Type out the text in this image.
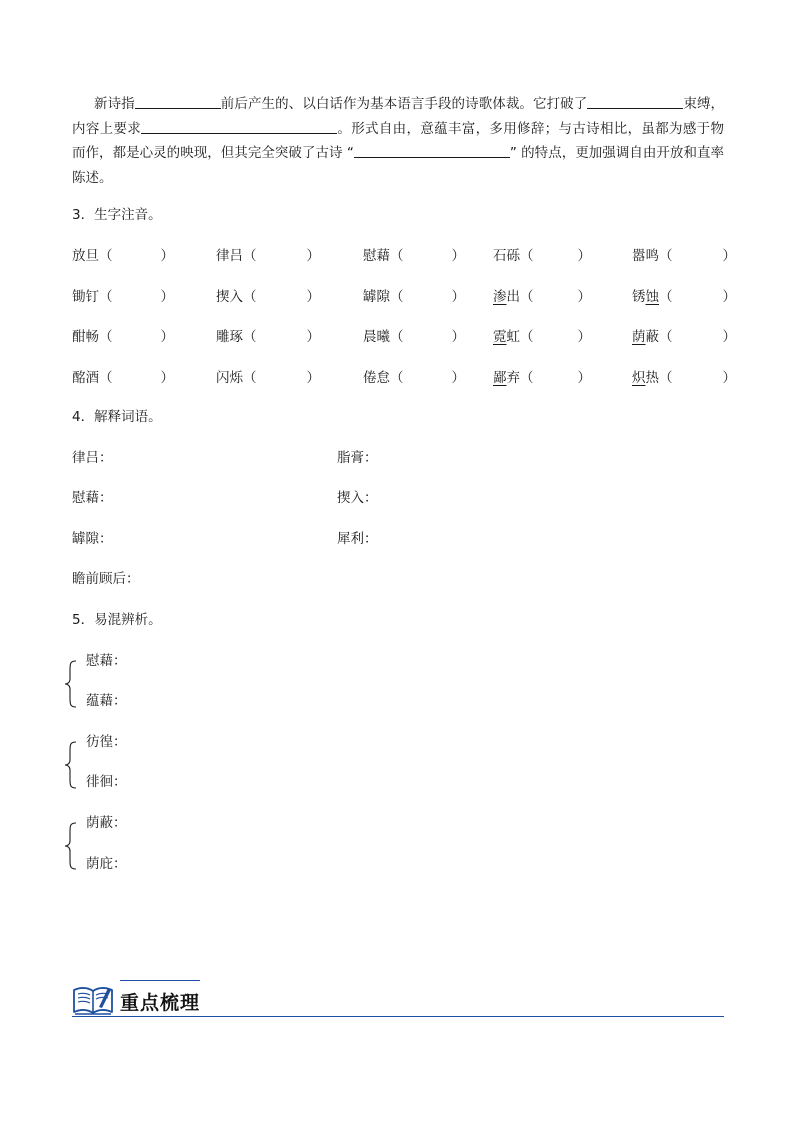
新诗指	前后产生的、以白话作为基本语言手段的诗歌体裁。它打破了	束缚，内容上要求	。形式自由，意蕴丰富，多用修辞；与古诗相比，虽都为感于物而作，都是心灵的映现，但其完全突破了古诗 “	” 的特点，更加强调自由开放和直率陈述。

3．生字注音。

放旦（	）	律吕（	）	慰藉（	） 石砾（	）	嚣鸣（	）
锄钉（	）	揳入（	）	罅隙（	） 渗出（	）	锈蚀（	）
酣畅（	）	雕琢（	）	晨曦（	） 霓虹（	）	荫蔽（	）
酩酒（	）	闪烁（	）	倦怠（	） 鄙弃（	）	炽热（	）

4．解释词语。

律吕：	脂膏：
慰藉：	揳入：
罅隙：	犀利：
瞻前顾后：

5．易混辨析。

慰藉：
蕴藉：
彷徨：
徘徊：
荫蔽：
荫庇：
重点梳理
